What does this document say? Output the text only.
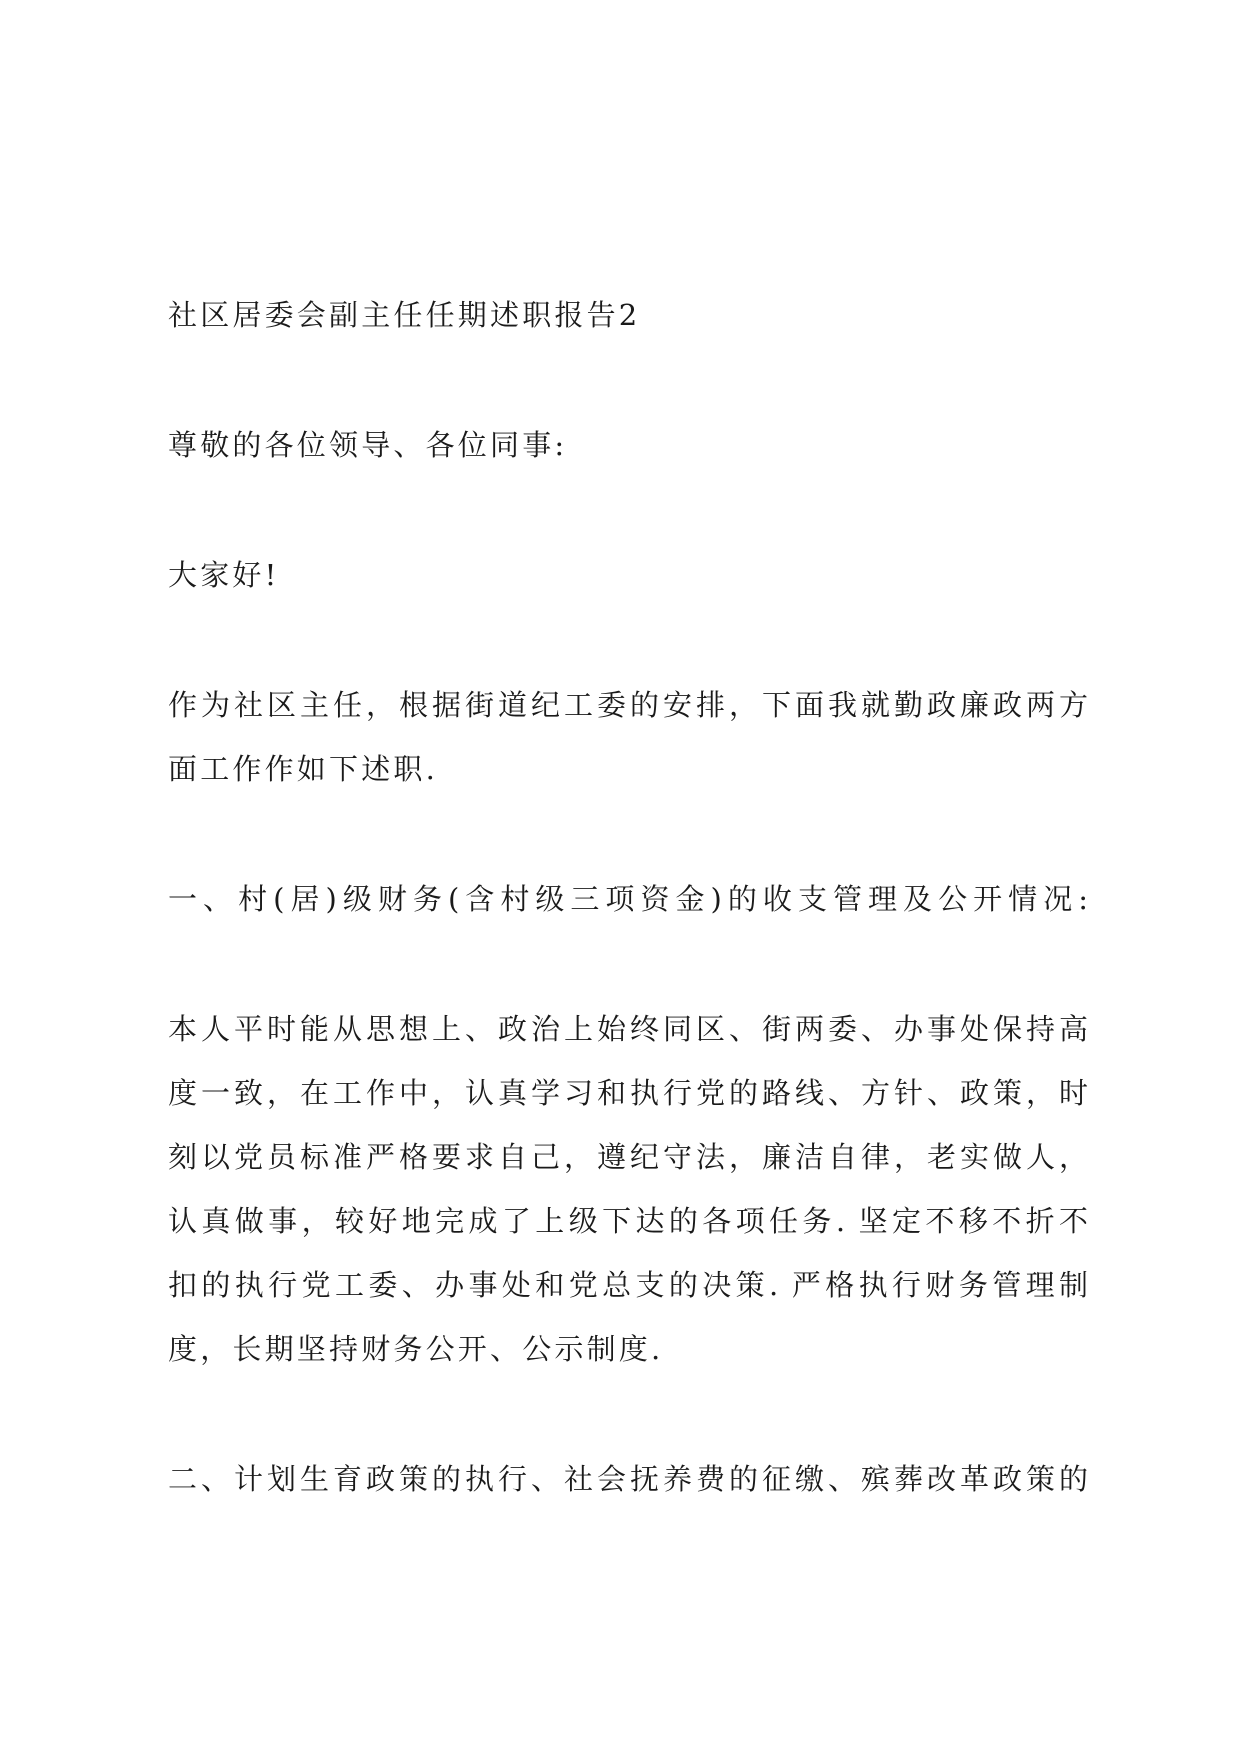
社区居委会副主任任期述职报告2
尊敬的各位领导、各位同事:
大家好!
作为社区主任，根据街道纪工委的安排，下面我就勤政廉政两方
面工作作如下述职.
一、村(居)级财务(含村级三项资金)的收支管理及公开情况:
本人平时能从思想上、政治上始终同区、街两委、办事处保持高
度一致，在工作中，认真学习和执行党的路线、方针、政策，时
刻以党员标准严格要求自己，遵纪守法，廉洁自律，老实做人，
认真做事，较好地完成了上级下达的各项任务. 坚定不移不折不
扣的执行党工委、办事处和党总支的决策. 严格执行财务管理制
度，长期坚持财务公开、公示制度.
二、计划生育政策的执行、社会抚养费的征缴、殡葬改革政策的
